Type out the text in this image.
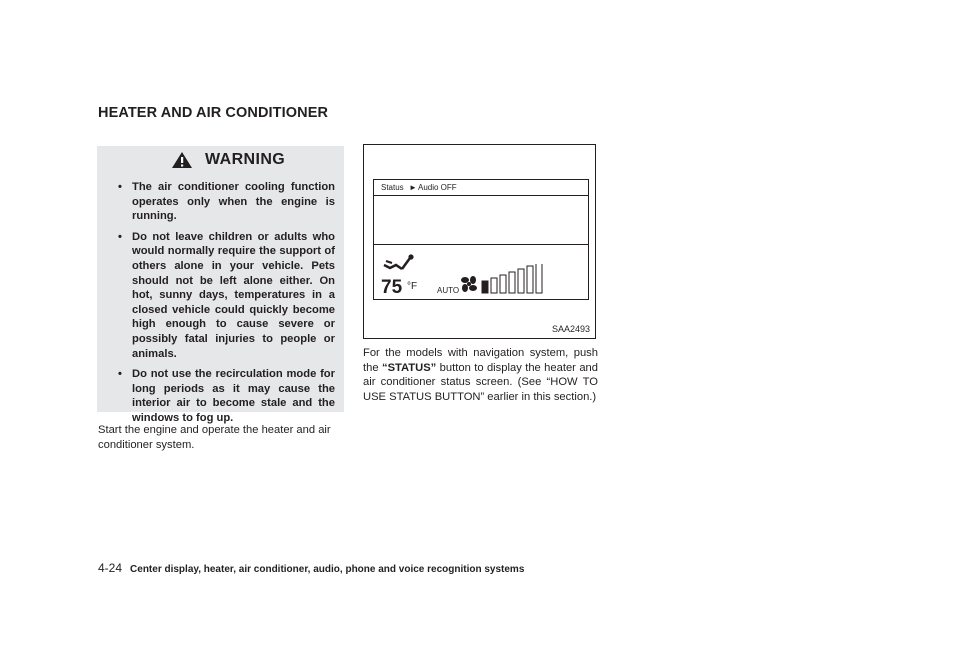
HEATER AND AIR CONDITIONER
WARNING
• The air conditioner cooling function operates only when the engine is running.
• Do not leave children or adults who would normally require the support of others alone in your vehicle. Pets should not be left alone either. On hot, sunny days, temperatures in a closed vehicle could quickly become high enough to cause severe or possibly fatal injuries to people or animals.
• Do not use the recirculation mode for long periods as it may cause the interior air to become stale and the windows to fog up.
Start the engine and operate the heater and air conditioner system.
Status ► Audio OFF
75 °F AUTO
SAA2493
For the models with navigation system, push the “STATUS” button to display the heater and air conditioner status screen. (See “HOW TO USE STATUS BUTTON” earlier in this section.)
4-24 Center display, heater, air conditioner, audio, phone and voice recognition systems
